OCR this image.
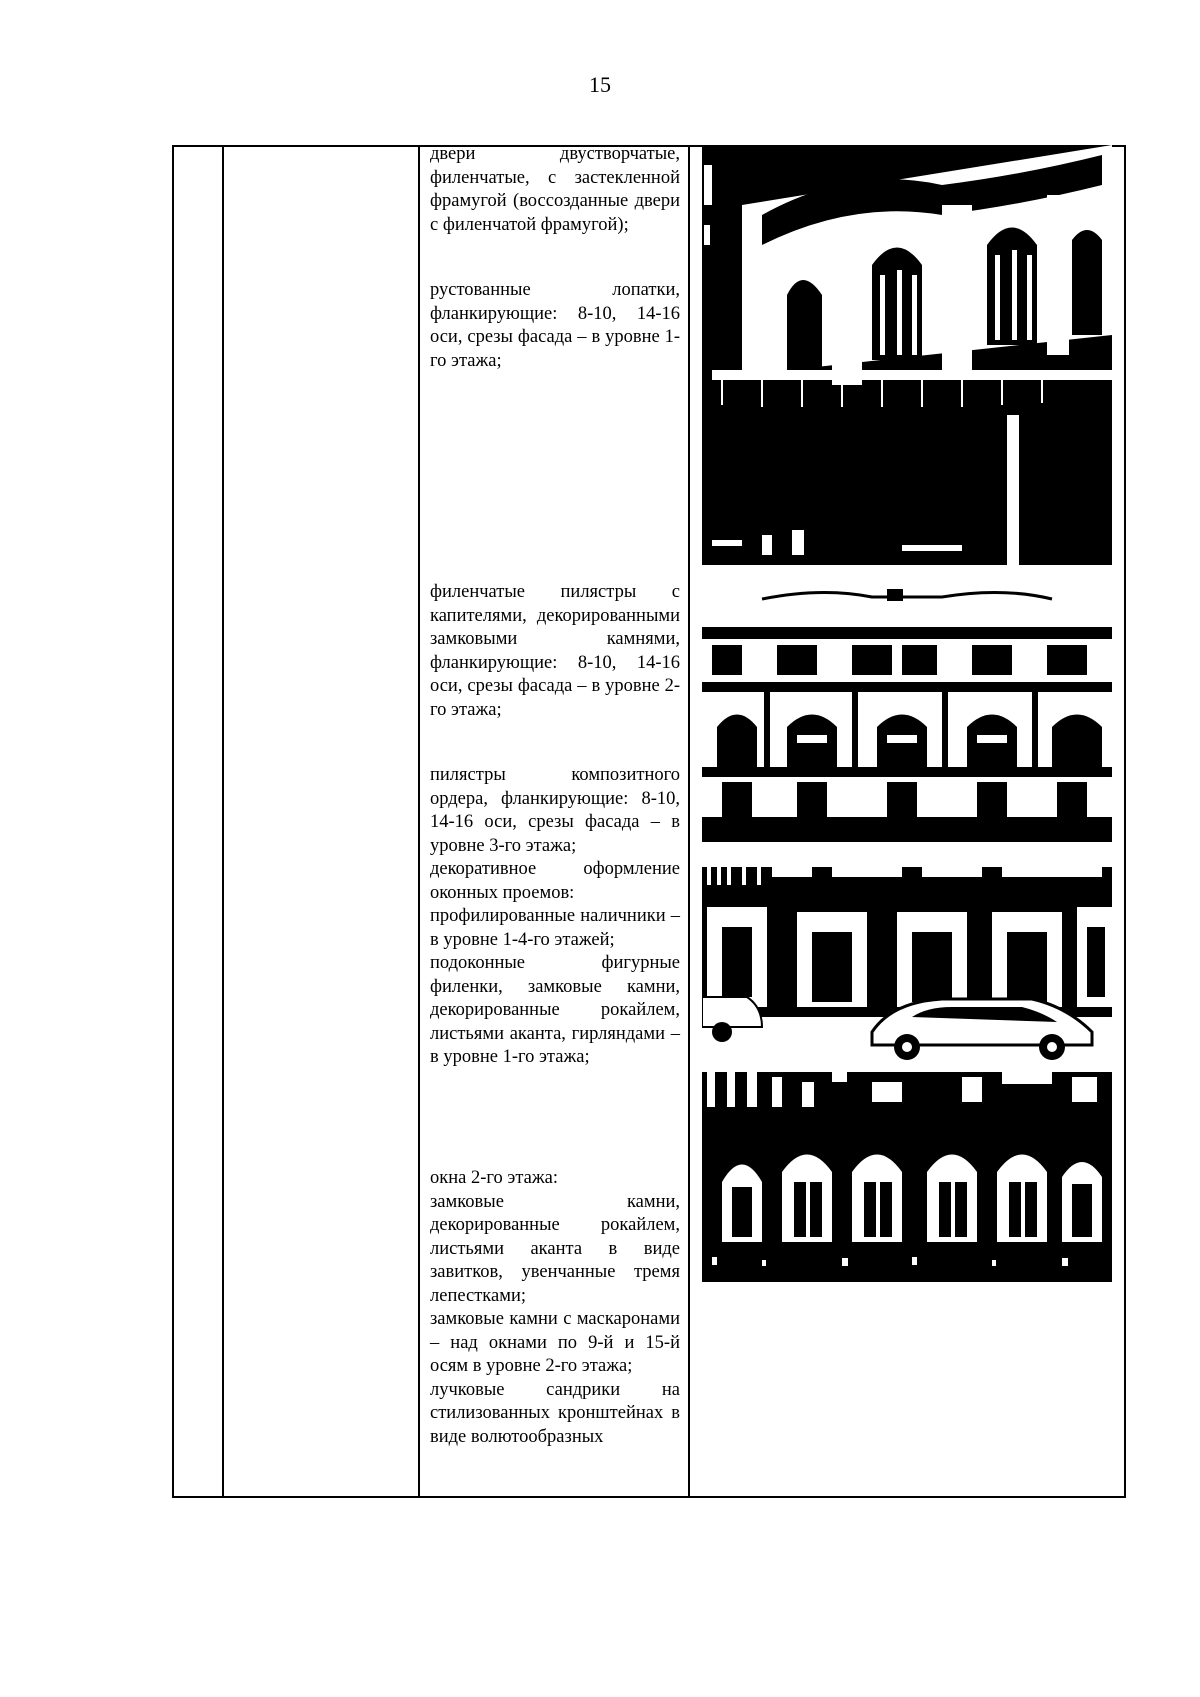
15

двери двустворчатые, филенчатые, с застекленной фрамугой (воссозданные двери с филенчатой фрамугой);

рустованные лопатки, фланкирующие: 8-10, 14-16 оси, срезы фасада – в уровне 1-го этажа;

филенчатые пилястры с капителями, декорированными замковыми камнями, фланкирующие: 8-10, 14-16 оси, срезы фасада – в уровне 2-го этажа;

пилястры композитного ордера, фланкирующие: 8-10, 14-16 оси, срезы фасада – в уровне 3-го этажа;

декоративное оформление оконных проемов:

профилированные наличники – в уровне 1-4-го этажей;

подоконные фигурные филенки, замковые камни, декорированные рокайлем, листьями аканта, гирляндами – в уровне 1-го этажа;

окна 2-го этажа:

замковые камни, декорированные рокайлем, листьями аканта в виде завитков, увенчанные тремя лепестками;

замковые камни с маскаронами – над окнами по 9-й и 15-й осям в уровне 2-го этажа;

лучковые сандрики на стилизованных кронштейнах в виде волютообразных
